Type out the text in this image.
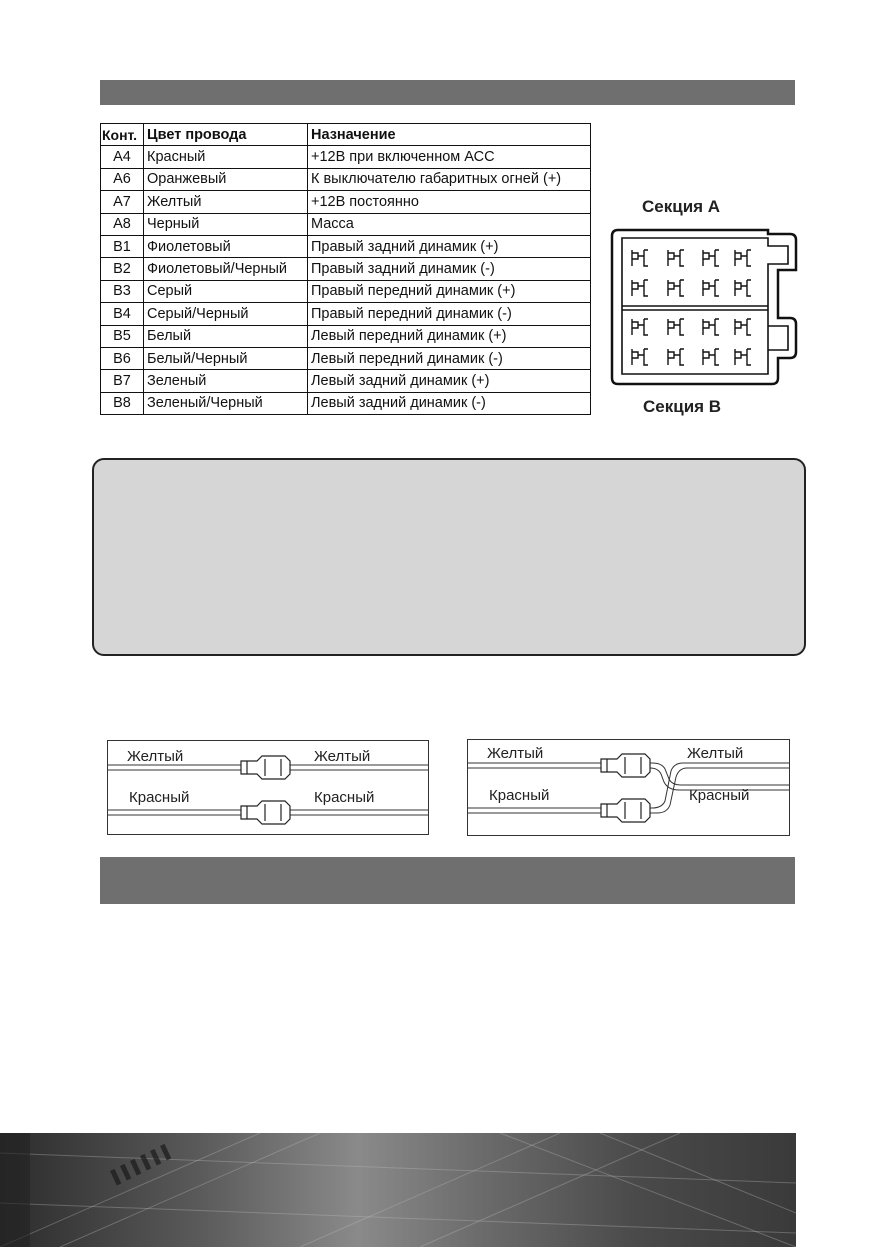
Конт.	Цвет провода	Назначение
A4	Красный	+12В при включенном АСС
A6	Оранжевый	К выключателю габаритных огней (+)
A7	Желтый	+12В постоянно
A8	Черный	Масса
B1	Фиолетовый	Правый задний динамик (+)
B2	Фиолетовый/Черный	Правый задний динамик (-)
B3	Серый	Правый передний динамик (+)
B4	Серый/Черный	Правый передний динамик (-)
B5	Белый	Левый передний динамик (+)
B6	Белый/Черный	Левый передний динамик (-)
B7	Зеленый	Левый задний динамик (+)
B8	Зеленый/Черный	Левый задний динамик (-)
Секция A
Секция B
Желтый	Желтый
Красный	Красный
Желтый	Желтый
Красный	Красный
